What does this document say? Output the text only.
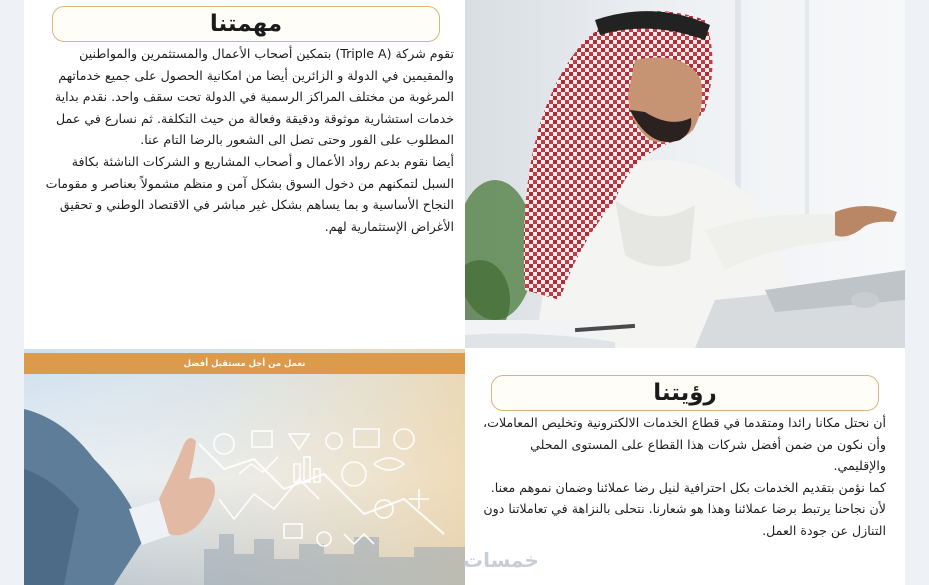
مهمتنا

تقوم شركة (Triple A) بتمكين أصحاب الأعمال والمستثمرين والمواطنين والمقيمين في الدولة و الزائرين أيضا من امكانية الحصول على جميع خدماتهم المرغوبة من مختلف المراكز الرسمية في الدولة تحت سقف واحد. نقدم بداية خدمات استشارية موثوقة ودقيقة وفعالة من حيث التكلفة. ثم نسارع في عمل المطلوب على الفور وحتى تصل الى الشعور بالرضا التام عنا.

أيضا نقوم بدعم رواد الأعمال و أصحاب المشاريع و الشركات الناشئة بكافة السبل لتمكنهم من دخول السوق بشكل آمن و منظم مشمولاً بعناصر و مقومات النجاح الأساسية و بما يساهم بشكل غير مباشر في الاقتصاد الوطني و تحقيق الأغراض الإستثمارية لهم.

نعمل من أجل مستقبل أفضل
رؤيتنا

أن نحتل مكانا رائدا ومتقدما في قطاع الخدمات الالكترونية وتخليص المعاملات، وأن نكون من ضمن أفضل شركات هذا القطاع على المستوى المحلي والإقليمي.

كما نؤمن بتقديم الخدمات بكل احترافية لنيل رضا عملائنا وضمان نموهم معنا. لأن نجاحنا يرتبط برضا عملائنا وهذا هو شعارنا. نتحلى بالنزاهة في تعاملاتنا دون التنازل عن جودة العمل.

خمسات
